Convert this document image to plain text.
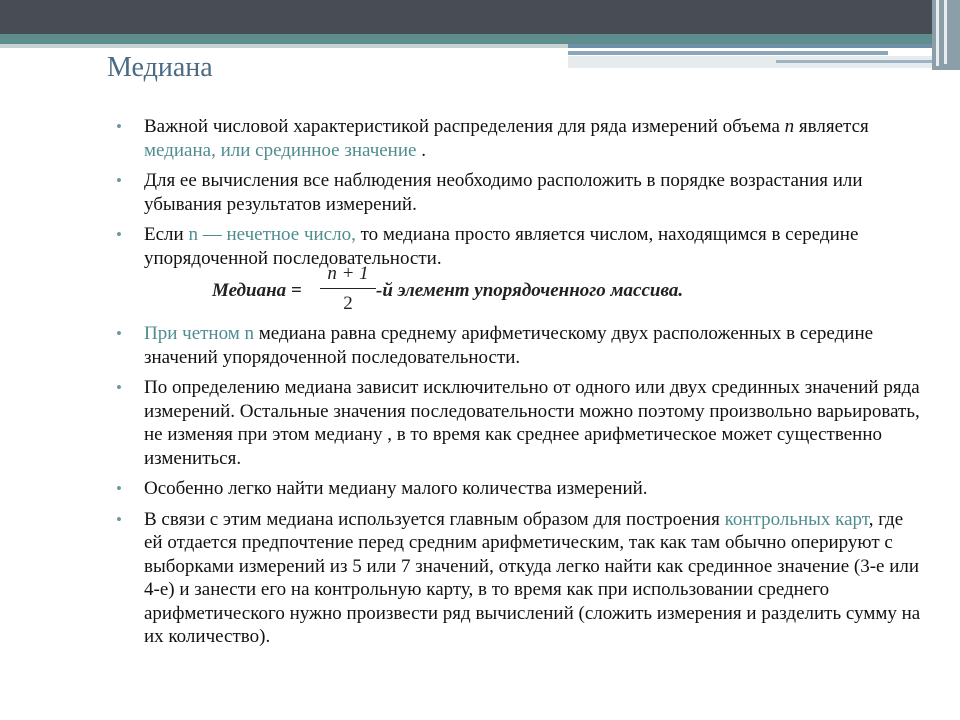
Медиана
• Важной числовой характеристикой распределения для ряда измерений объема n является медиана, или срединное значение .
• Для ее вычисления все наблюдения необходимо расположить в порядке возрастания или убывания результатов измерений.
• Если n — нечетное число, то медиана просто является числом, находящимся в середине упорядоченной последовательности.
Медиана =
n + 1
2
-й элемент упорядоченного массива.
• При четном n медиана равна среднему арифметическому двух расположенных в середине значений упорядоченной последовательности.
• По определению медиана зависит исключительно от одного или двух срединных значений ряда измерений. Остальные значения последовательности можно поэтому произвольно варьировать, не изменяя при этом медиану , в то время как среднее арифметическое может существенно измениться.
• Особенно легко найти медиану малого количества измерений.
• В связи с этим медиана используется главным образом для построения контрольных карт, где ей отдается предпочтение перед средним арифметическим, так как там обычно оперируют с выборками измерений из 5 или 7 значений, откуда легко найти как срединное значение (3-е или 4-е) и занести его на контрольную карту, в то время как при использовании среднего арифметического нужно произвести ряд вычислений (сложить измерения и разделить сумму на их количество).
